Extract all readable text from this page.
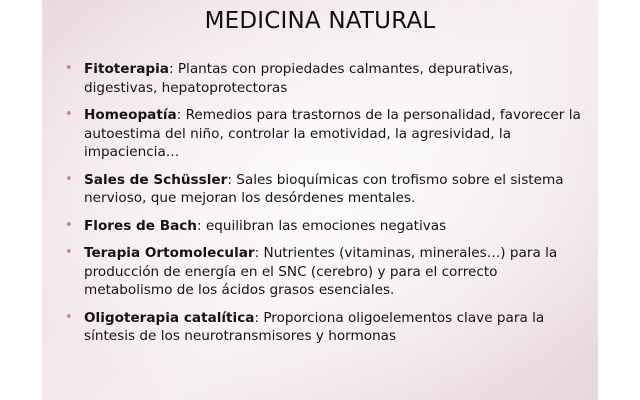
MEDICINA NATURAL
• Fitoterapia: Plantas con propiedades calmantes, depurativas, digestivas, hepatoprotectoras
• Homeopatía: Remedios para trastornos de la personalidad, favorecer la autoestima del niño, controlar la emotividad, la agresividad, la impaciencia…
• Sales de Schüssler: Sales bioquímicas con trofismo sobre el sistema nervioso, que mejoran los desórdenes mentales.
• Flores de Bach: equilibran las emociones negativas
• Terapia Ortomolecular: Nutrientes (vitaminas, minerales…) para la producción de energía en el SNC (cerebro) y para el correcto metabolismo de los ácidos grasos esenciales.
• Oligoterapia catalítica: Proporciona oligoelementos clave para la síntesis de los neurotransmisores y hormonas
